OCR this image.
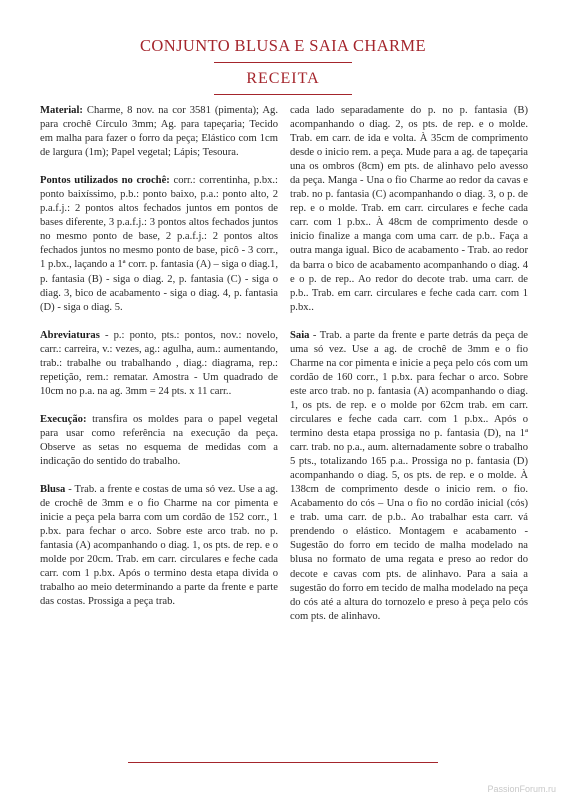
CONJUNTO BLUSA E SAIA CHARME
RECEITA

Material: Charme, 8 nov. na cor 3581 (pimenta); Ag. para crochê Círculo 3mm; Ag. para tapeçaria; Tecido em malha para fazer o forro da peça; Elástico com 1cm de largura (1m); Papel vegetal; Lápis; Tesoura.

Pontos utilizados no crochê: corr.: correntinha, p.bx.: ponto baixíssimo, p.b.: ponto baixo, p.a.: ponto alto, 2 p.a.f.j.: 2 pontos altos fechados juntos em pontos de bases diferente, 3 p.a.f.j.: 3 pontos altos fechados juntos no mesmo ponto de base, 2 p.a.f.j.: 2 pontos altos fechados juntos no mesmo ponto de base, picô - 3 corr., 1 p.bx., laçando a 1ª corr. p. fantasia (A) – siga o diag.1, p. fantasia (B) - siga o diag. 2, p. fantasia (C) - siga o diag. 3, bico de acabamento - siga o diag. 4, p. fantasia (D) - siga o diag. 5.

Abreviaturas - p.: ponto, pts.: pontos, nov.: novelo, carr.: carreira, v.: vezes, ag.: agulha, aum.: aumentando, trab.: trabalhe ou trabalhando , diag.: diagrama, rep.: repetição, rem.: rematar. Amostra - Um quadrado de 10cm no p.a. na ag. 3mm = 24 pts. x 11 carr..

Execução: transfira os moldes para o papel vegetal para usar como referência na execução da peça. Observe as setas no esquema de medidas com a indicação do sentido do trabalho.

Blusa - Trab. a frente e costas de uma só vez. Use a ag. de crochê de 3mm e o fio Charme na cor pimenta e inicie a peça pela barra com um cordão de 152 corr., 1 p.bx. para fechar o arco. Sobre este arco trab. no p. fantasia (A) acompanhando o diag. 1, os pts. de rep. e o molde por 20cm. Trab. em carr. circulares e feche cada carr. com 1 p.bx. Após o termino desta etapa divida o trabalho ao meio determinando a parte da frente e parte das costas. Prossiga a peça trab.

cada lado separadamente do p. no p. fantasia (B) acompanhando o diag. 2, os pts. de rep. e o molde. Trab. em carr. de ida e volta. À 35cm de comprimento desde o inicio rem. a peça. Mude para a ag. de tapeçaria una os ombros (8cm) em pts. de alinhavo pelo avesso da peça. Manga - Una o fio Charme ao redor da cavas e trab. no p. fantasia (C) acompanhando o diag. 3, o p. de rep. e o molde. Trab. em carr. circulares e feche cada carr. com 1 p.bx.. À 48cm de comprimento desde o inicio finalize a manga com uma carr. de p.b.. Faça a outra manga igual. Bico de acabamento - Trab. ao redor da barra o bico de acabamento acompanhando o diag. 4 e o p. de rep.. Ao redor do decote trab. uma carr. de p.b.. Trab. em carr. circulares e feche cada carr. com 1 p.bx..

Saia - Trab. a parte da frente e parte detrás da peça de uma só vez. Use a ag. de crochê de 3mm e o fio Charme na cor pimenta e inicie a peça pelo cós com um cordão de 160 corr., 1 p.bx. para fechar o arco. Sobre este arco trab. no p. fantasia (A) acompanhando o diag. 1, os pts. de rep. e o molde por 62cm trab. em carr. circulares e feche cada carr. com 1 p.bx.. Após o termino desta etapa prossiga no p. fantasia (D), na 1ª carr. trab. no p.a., aum. alternadamente sobre o trabalho 5 pts., totalizando 165 p.a.. Prossiga no p. fantasia (D) acompanhando o diag. 5, os pts. de rep. e o molde. À 138cm de comprimento desde o inicio rem. o fio. Acabamento do cós – Una o fio no cordão inicial (cós) e trab. uma carr. de p.b.. Ao trabalhar esta carr. vá prendendo o elástico. Montagem e acabamento - Sugestão do forro em tecido de malha modelado na blusa no formato de uma regata e preso ao redor do decote e cavas com pts. de alinhavo. Para a saia a sugestão do forro em tecido de malha modelado na peça do cós até a altura do tornozelo e preso à peça pelo cós com pts. de alinhavo.

PassionForum.ru
